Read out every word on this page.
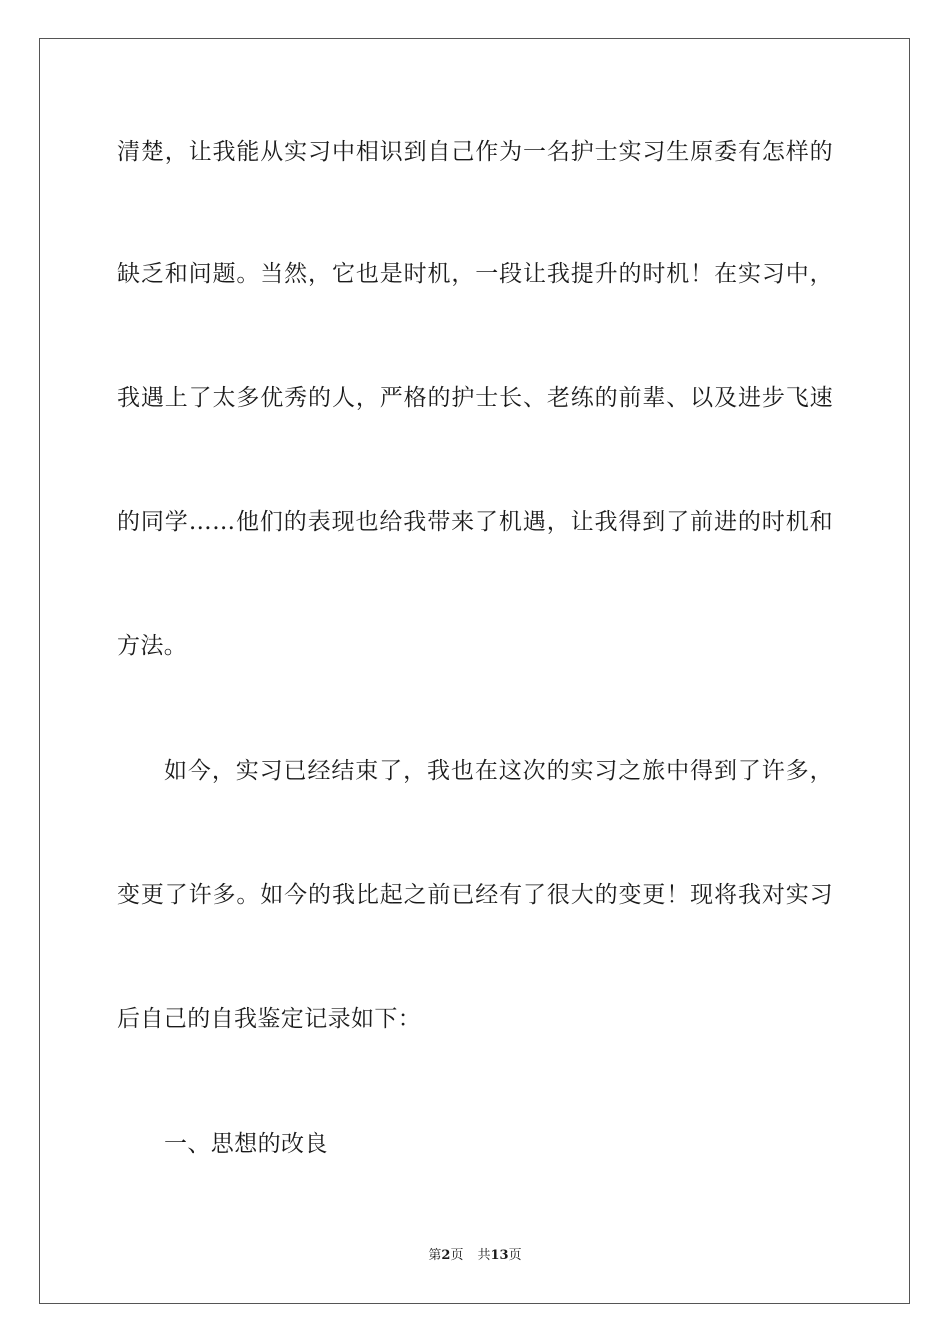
清楚，让我能从实习中相识到自己作为一名护士实习生原委有怎样的
缺乏和问题。当然，它也是时机，一段让我提升的时机！在实习中，
我遇上了太多优秀的人，严格的护士长、老练的前辈、以及进步飞速
的同学……他们的表现也给我带来了机遇，让我得到了前进的时机和
方法。
如今，实习已经结束了，我也在这次的实习之旅中得到了许多，
变更了许多。如今的我比起之前已经有了很大的变更！现将我对实习
后自己的自我鉴定记录如下：
一、思想的改良
第2页 共13页
